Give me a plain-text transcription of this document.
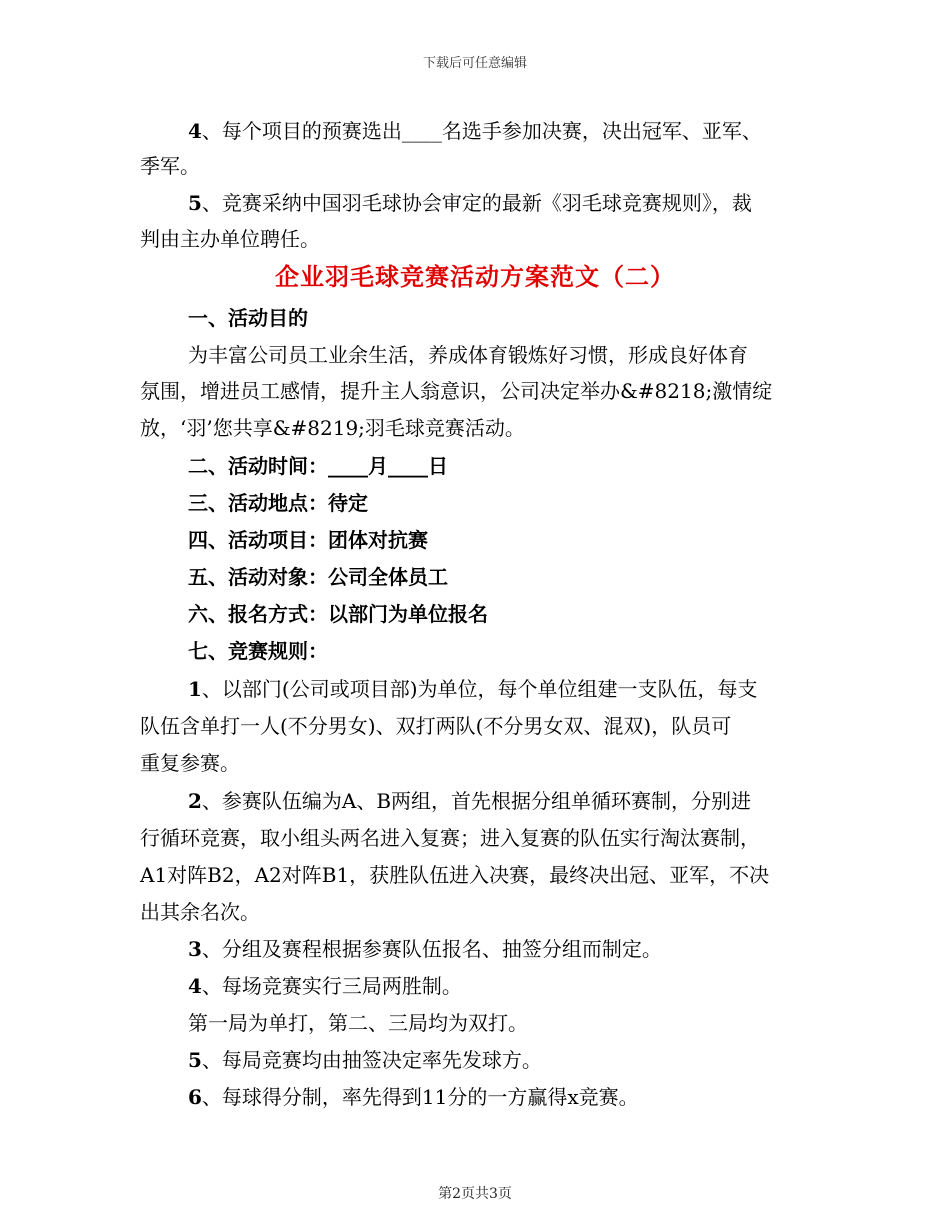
下载后可任意编辑
4、每个项目的预赛选出____名选手参加决赛，决出冠军、亚军、
季军。
5、竞赛采纳中国羽毛球协会审定的最新《羽毛球竞赛规则》，裁
判由主办单位聘任。
企业羽毛球竞赛活动方案范文（二）
一、活动目的
为丰富公司员工业余生活，养成体育锻炼好习惯，形成良好体育
氛围，增进员工感情，提升主人翁意识，公司决定举办&#8218;激情绽
放，‘羽’您共享&#8219;羽毛球竞赛活动。
二、活动时间：____月____日
三、活动地点：待定
四、活动项目：团体对抗赛
五、活动对象：公司全体员工
六、报名方式：以部门为单位报名
七、竞赛规则：
1、以部门(公司或项目部)为单位，每个单位组建一支队伍，每支
队伍含单打一人(不分男女)、双打两队(不分男女双、混双)，队员可
重复参赛。
2、参赛队伍编为A、B两组，首先根据分组单循环赛制，分别进
行循环竞赛，取小组头两名进入复赛；进入复赛的队伍实行淘汰赛制，
A1对阵B2，A2对阵B1，获胜队伍进入决赛，最终决出冠、亚军，不决
出其余名次。
3、分组及赛程根据参赛队伍报名、抽签分组而制定。
4、每场竞赛实行三局两胜制。
第一局为单打，第二、三局均为双打。
5、每局竞赛均由抽签决定率先发球方。
6、每球得分制，率先得到11分的一方赢得x竞赛。
第2页共3页
